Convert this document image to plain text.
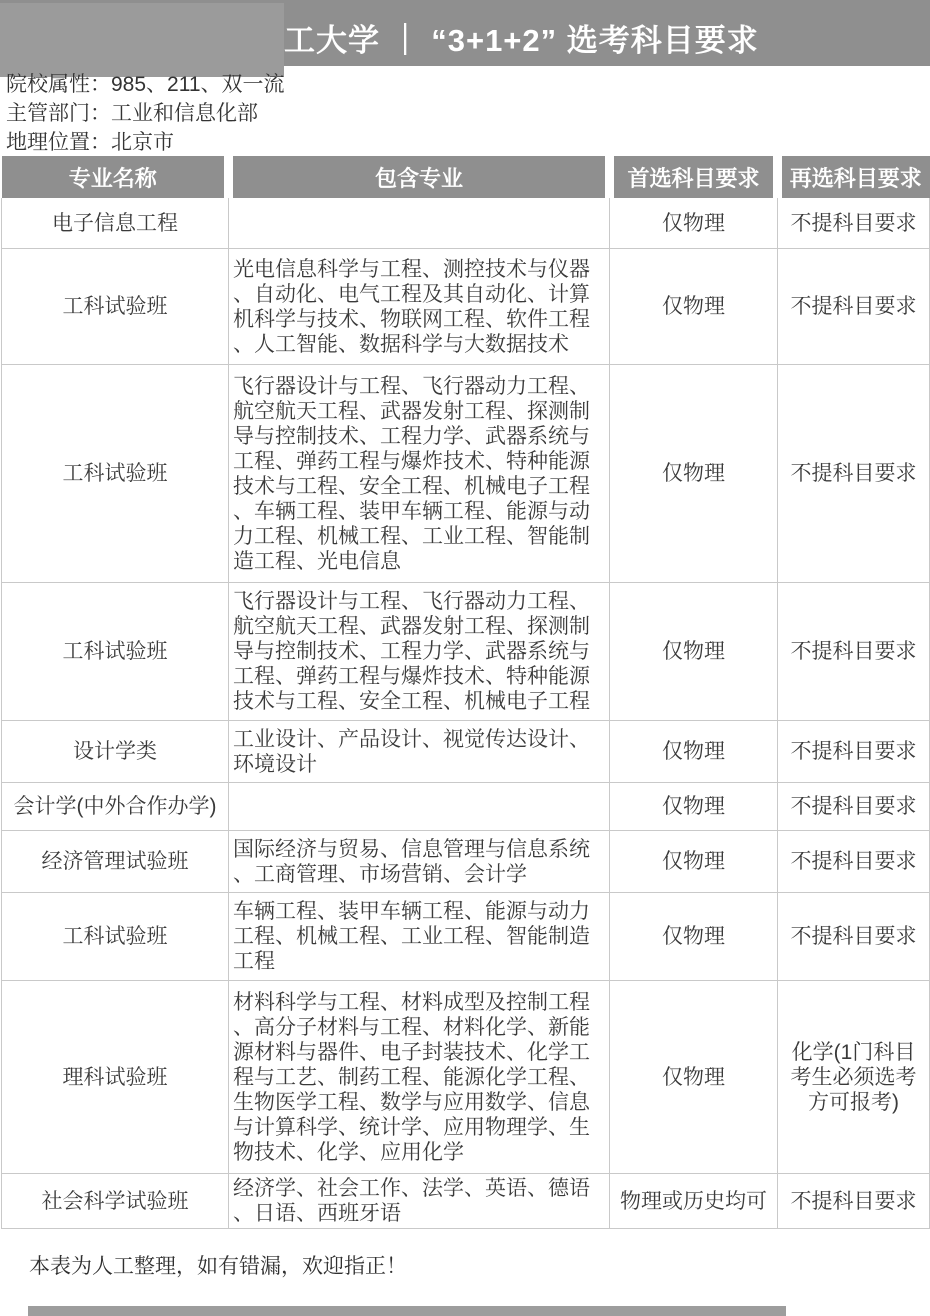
工大学 ｜ “3+1+2” 选考科目要求
院校属性：985、211、双一流
主管部门：工业和信息化部
地理位置：北京市
专业名称	包含专业	首选科目要求	再选科目要求
电子信息工程		仅物理	不提科目要求
工科试验班	光电信息科学与工程、测控技术与仪器、自动化、电气工程及其自动化、计算机科学与技术、物联网工程、软件工程、人工智能、数据科学与大数据技术	仅物理	不提科目要求
工科试验班	飞行器设计与工程、飞行器动力工程、航空航天工程、武器发射工程、探测制导与控制技术、工程力学、武器系统与工程、弹药工程与爆炸技术、特种能源技术与工程、安全工程、机械电子工程、车辆工程、装甲车辆工程、能源与动力工程、机械工程、工业工程、智能制造工程、光电信息	仅物理	不提科目要求
工科试验班	飞行器设计与工程、飞行器动力工程、航空航天工程、武器发射工程、探测制导与控制技术、工程力学、武器系统与工程、弹药工程与爆炸技术、特种能源技术与工程、安全工程、机械电子工程	仅物理	不提科目要求
设计学类	工业设计、产品设计、视觉传达设计、环境设计	仅物理	不提科目要求
会计学(中外合作办学)		仅物理	不提科目要求
经济管理试验班	国际经济与贸易、信息管理与信息系统、工商管理、市场营销、会计学	仅物理	不提科目要求
工科试验班	车辆工程、装甲车辆工程、能源与动力工程、机械工程、工业工程、智能制造工程	仅物理	不提科目要求
理科试验班	材料科学与工程、材料成型及控制工程、高分子材料与工程、材料化学、新能源材料与器件、电子封装技术、化学工程与工艺、制药工程、能源化学工程、生物医学工程、数学与应用数学、信息与计算科学、统计学、应用物理学、生物技术、化学、应用化学	仅物理	化学(1门科目考生必须选考方可报考)
社会科学试验班	经济学、社会工作、法学、英语、德语、日语、西班牙语	物理或历史均可	不提科目要求
本表为人工整理，如有错漏，欢迎指正！
